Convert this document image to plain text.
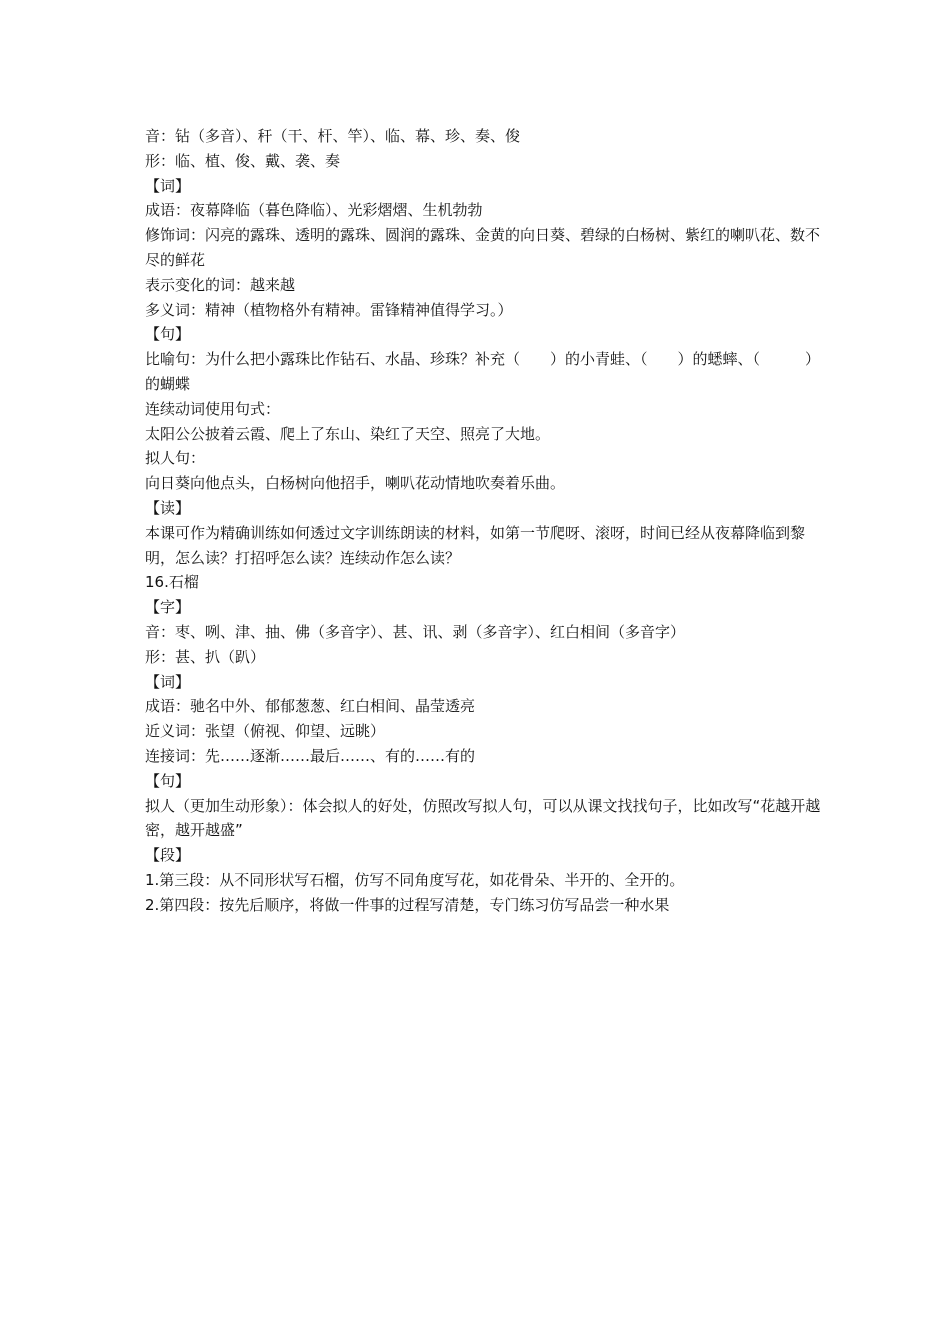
音：钻（多音）、秆（干、杆、竿）、临、幕、珍、奏、俊

形：临、植、俊、戴、袭、奏

【词】

成语：夜幕降临（暮色降临）、光彩熠熠、生机勃勃

修饰词：闪亮的露珠、透明的露珠、圆润的露珠、金黄的向日葵、碧绿的白杨树、紫红的喇叭花、数不尽的鲜花

表示变化的词：越来越

多义词：精神（植物格外有精神。雷锋精神值得学习。）

【句】

比喻句：为什么把小露珠比作钻石、水晶、珍珠？补充（　　）的小青蛙、（　　）的蟋蟀、（　　　）的蝴蝶

连续动词使用句式：

太阳公公披着云霞、爬上了东山、染红了天空、照亮了大地。

拟人句：

向日葵向他点头，白杨树向他招手，喇叭花动情地吹奏着乐曲。

【读】

本课可作为精确训练如何透过文字训练朗读的材料，如第一节爬呀、滚呀，时间已经从夜幕降临到黎明，怎么读？打招呼怎么读？连续动作怎么读？

16.石榴

【字】

音：枣、咧、津、抽、佛（多音字）、甚、讯、剥（多音字）、红白相间（多音字）

形：甚、扒（趴）

【词】

成语：驰名中外、郁郁葱葱、红白相间、晶莹透亮

近义词：张望（俯视、仰望、远眺）

连接词：先……逐渐……最后……、有的……有的

【句】

拟人（更加生动形象）：体会拟人的好处，仿照改写拟人句，可以从课文找找句子，比如改写“花越开越密，越开越盛”

【段】

1.第三段：从不同形状写石榴，仿写不同角度写花，如花骨朵、半开的、全开的。

2.第四段：按先后顺序，将做一件事的过程写清楚，专门练习仿写品尝一种水果
